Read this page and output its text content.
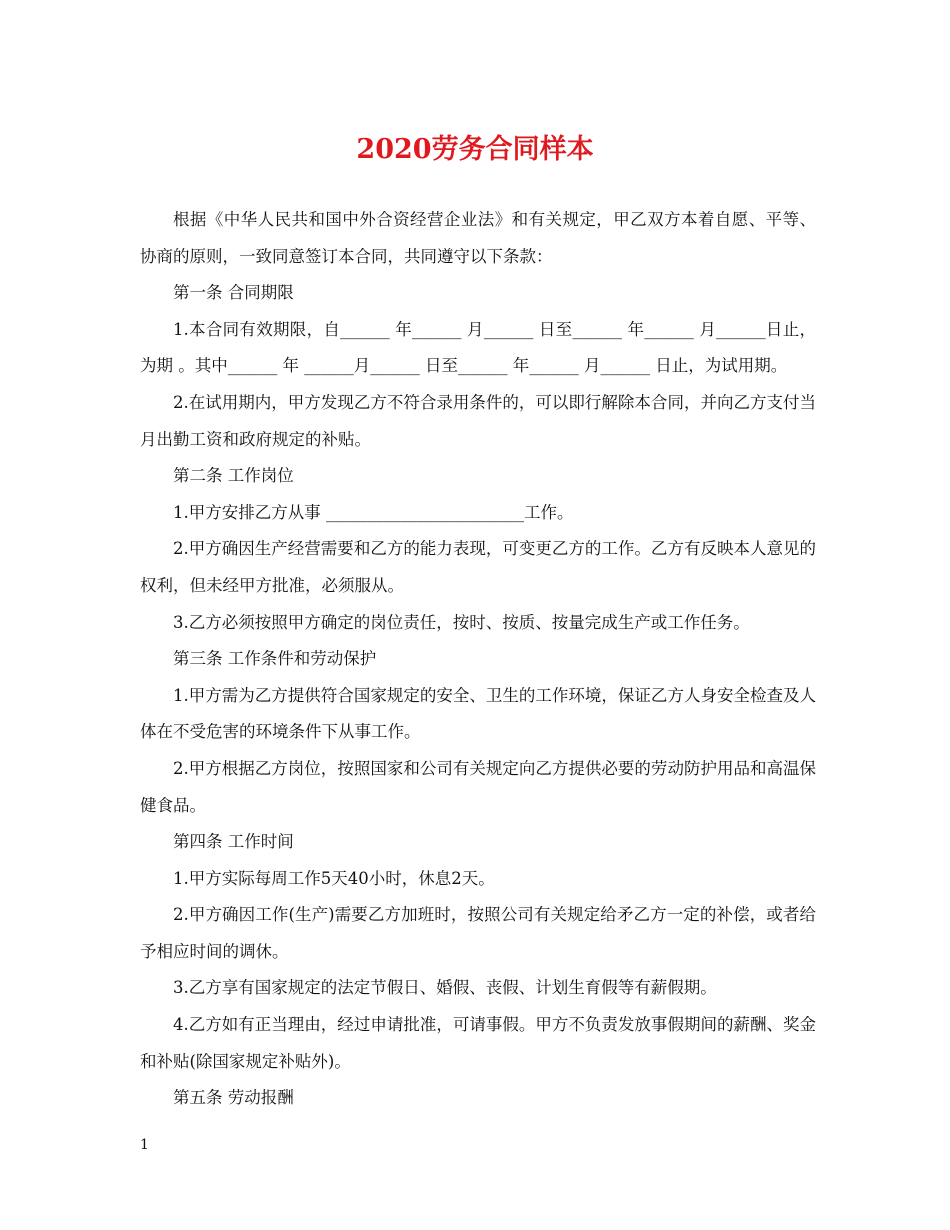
2020劳务合同样本

根据《中华人民共和国中外合资经营企业法》和有关规定，甲乙双方本着自愿、平等、协商的原则，一致同意签订本合同，共同遵守以下条款：

第一条 合同期限

1.本合同有效期限，自______ 年______ 月______ 日至______ 年______ 月______日止，为期 。其中______ 年 ______月______ 日至______ 年______ 月______ 日止，为试用期。

2.在试用期内，甲方发现乙方不符合录用条件的，可以即行解除本合同，并向乙方支付当月出勤工资和政府规定的补贴。

第二条 工作岗位

1.甲方安排乙方从事 ________________________工作。

2.甲方确因生产经营需要和乙方的能力表现，可变更乙方的工作。乙方有反映本人意见的权利，但未经甲方批准，必须服从。

3.乙方必须按照甲方确定的岗位责任，按时、按质、按量完成生产或工作任务。

第三条 工作条件和劳动保护

1.甲方需为乙方提供符合国家规定的安全、卫生的工作环境，保证乙方人身安全检查及人体在不受危害的环境条件下从事工作。

2.甲方根据乙方岗位，按照国家和公司有关规定向乙方提供必要的劳动防护用品和高温保健食品。

第四条 工作时间

1.甲方实际每周工作5天40小时，休息2天。

2.甲方确因工作(生产)需要乙方加班时，按照公司有关规定给矛乙方一定的补偿，或者给予相应时间的调休。

3.乙方享有国家规定的法定节假日、婚假、丧假、计划生育假等有薪假期。

4.乙方如有正当理由，经过申请批准，可请事假。甲方不负责发放事假期间的薪酬、奖金和补贴(除国家规定补贴外)。

第五条 劳动报酬

1
